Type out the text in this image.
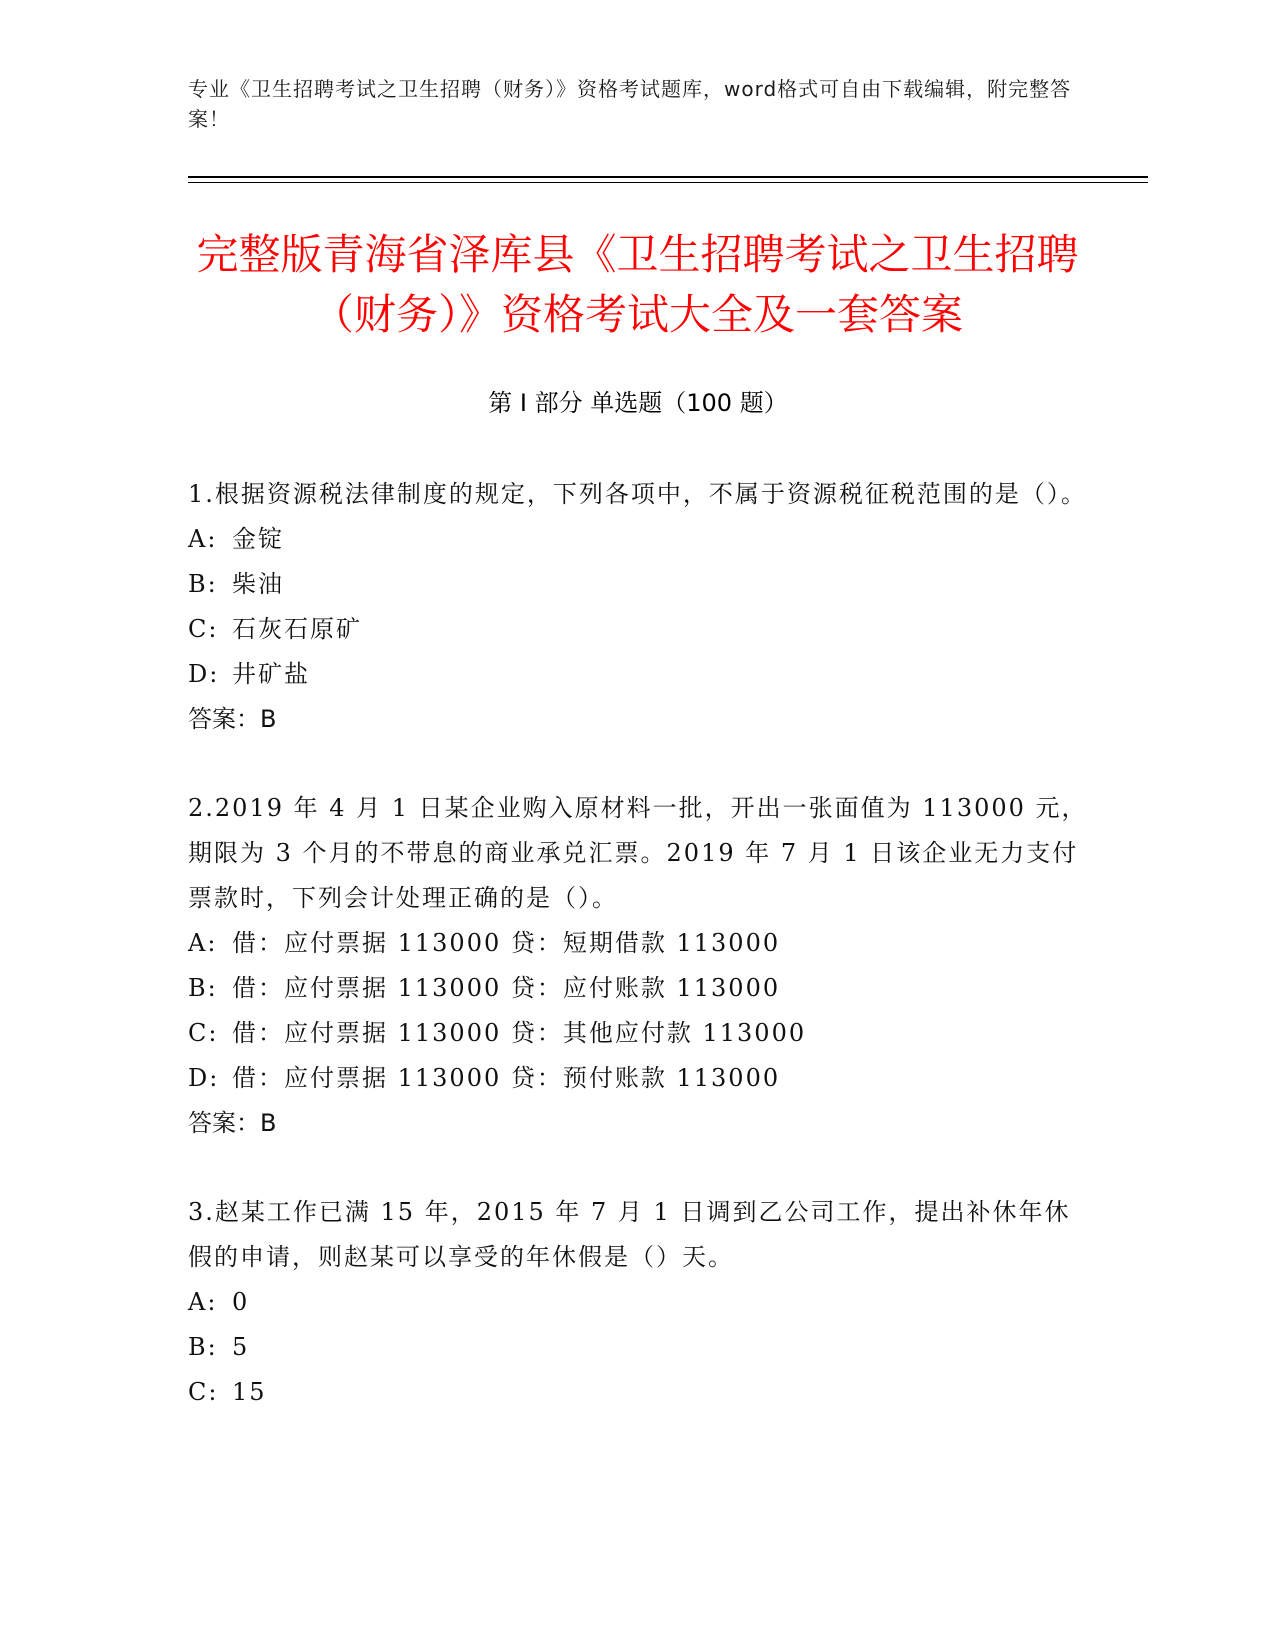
专业《卫生招聘考试之卫生招聘（财务）》资格考试题库，word格式可自由下载编辑，附完整答案！
完整版青海省泽库县《卫生招聘考试之卫生招聘（财务）》资格考试大全及一套答案
第 I 部分 单选题（100 题）

1.根据资源税法律制度的规定，下列各项中，不属于资源税征税范围的是（）。

A: 金锭
B: 柴油
C: 石灰石原矿
D: 井矿盐
答案：B

2.2019 年 4 月 1 日某企业购入原材料一批，开出一张面值为 113000 元，期限为 3 个月的不带息的商业承兑汇票。2019 年 7 月 1 日该企业无力支付票款时，下列会计处理正确的是（）。

A: 借：应付票据 113000 贷：短期借款 113000
B: 借：应付票据 113000 贷：应付账款 113000
C: 借：应付票据 113000 贷：其他应付款 113000
D: 借：应付票据 113000 贷：预付账款 113000
答案：B

3.赵某工作已满 15 年，2015 年 7 月 1 日调到乙公司工作，提出补休年休假的申请，则赵某可以享受的年休假是（）天。

A: 0
B: 5
C: 15
